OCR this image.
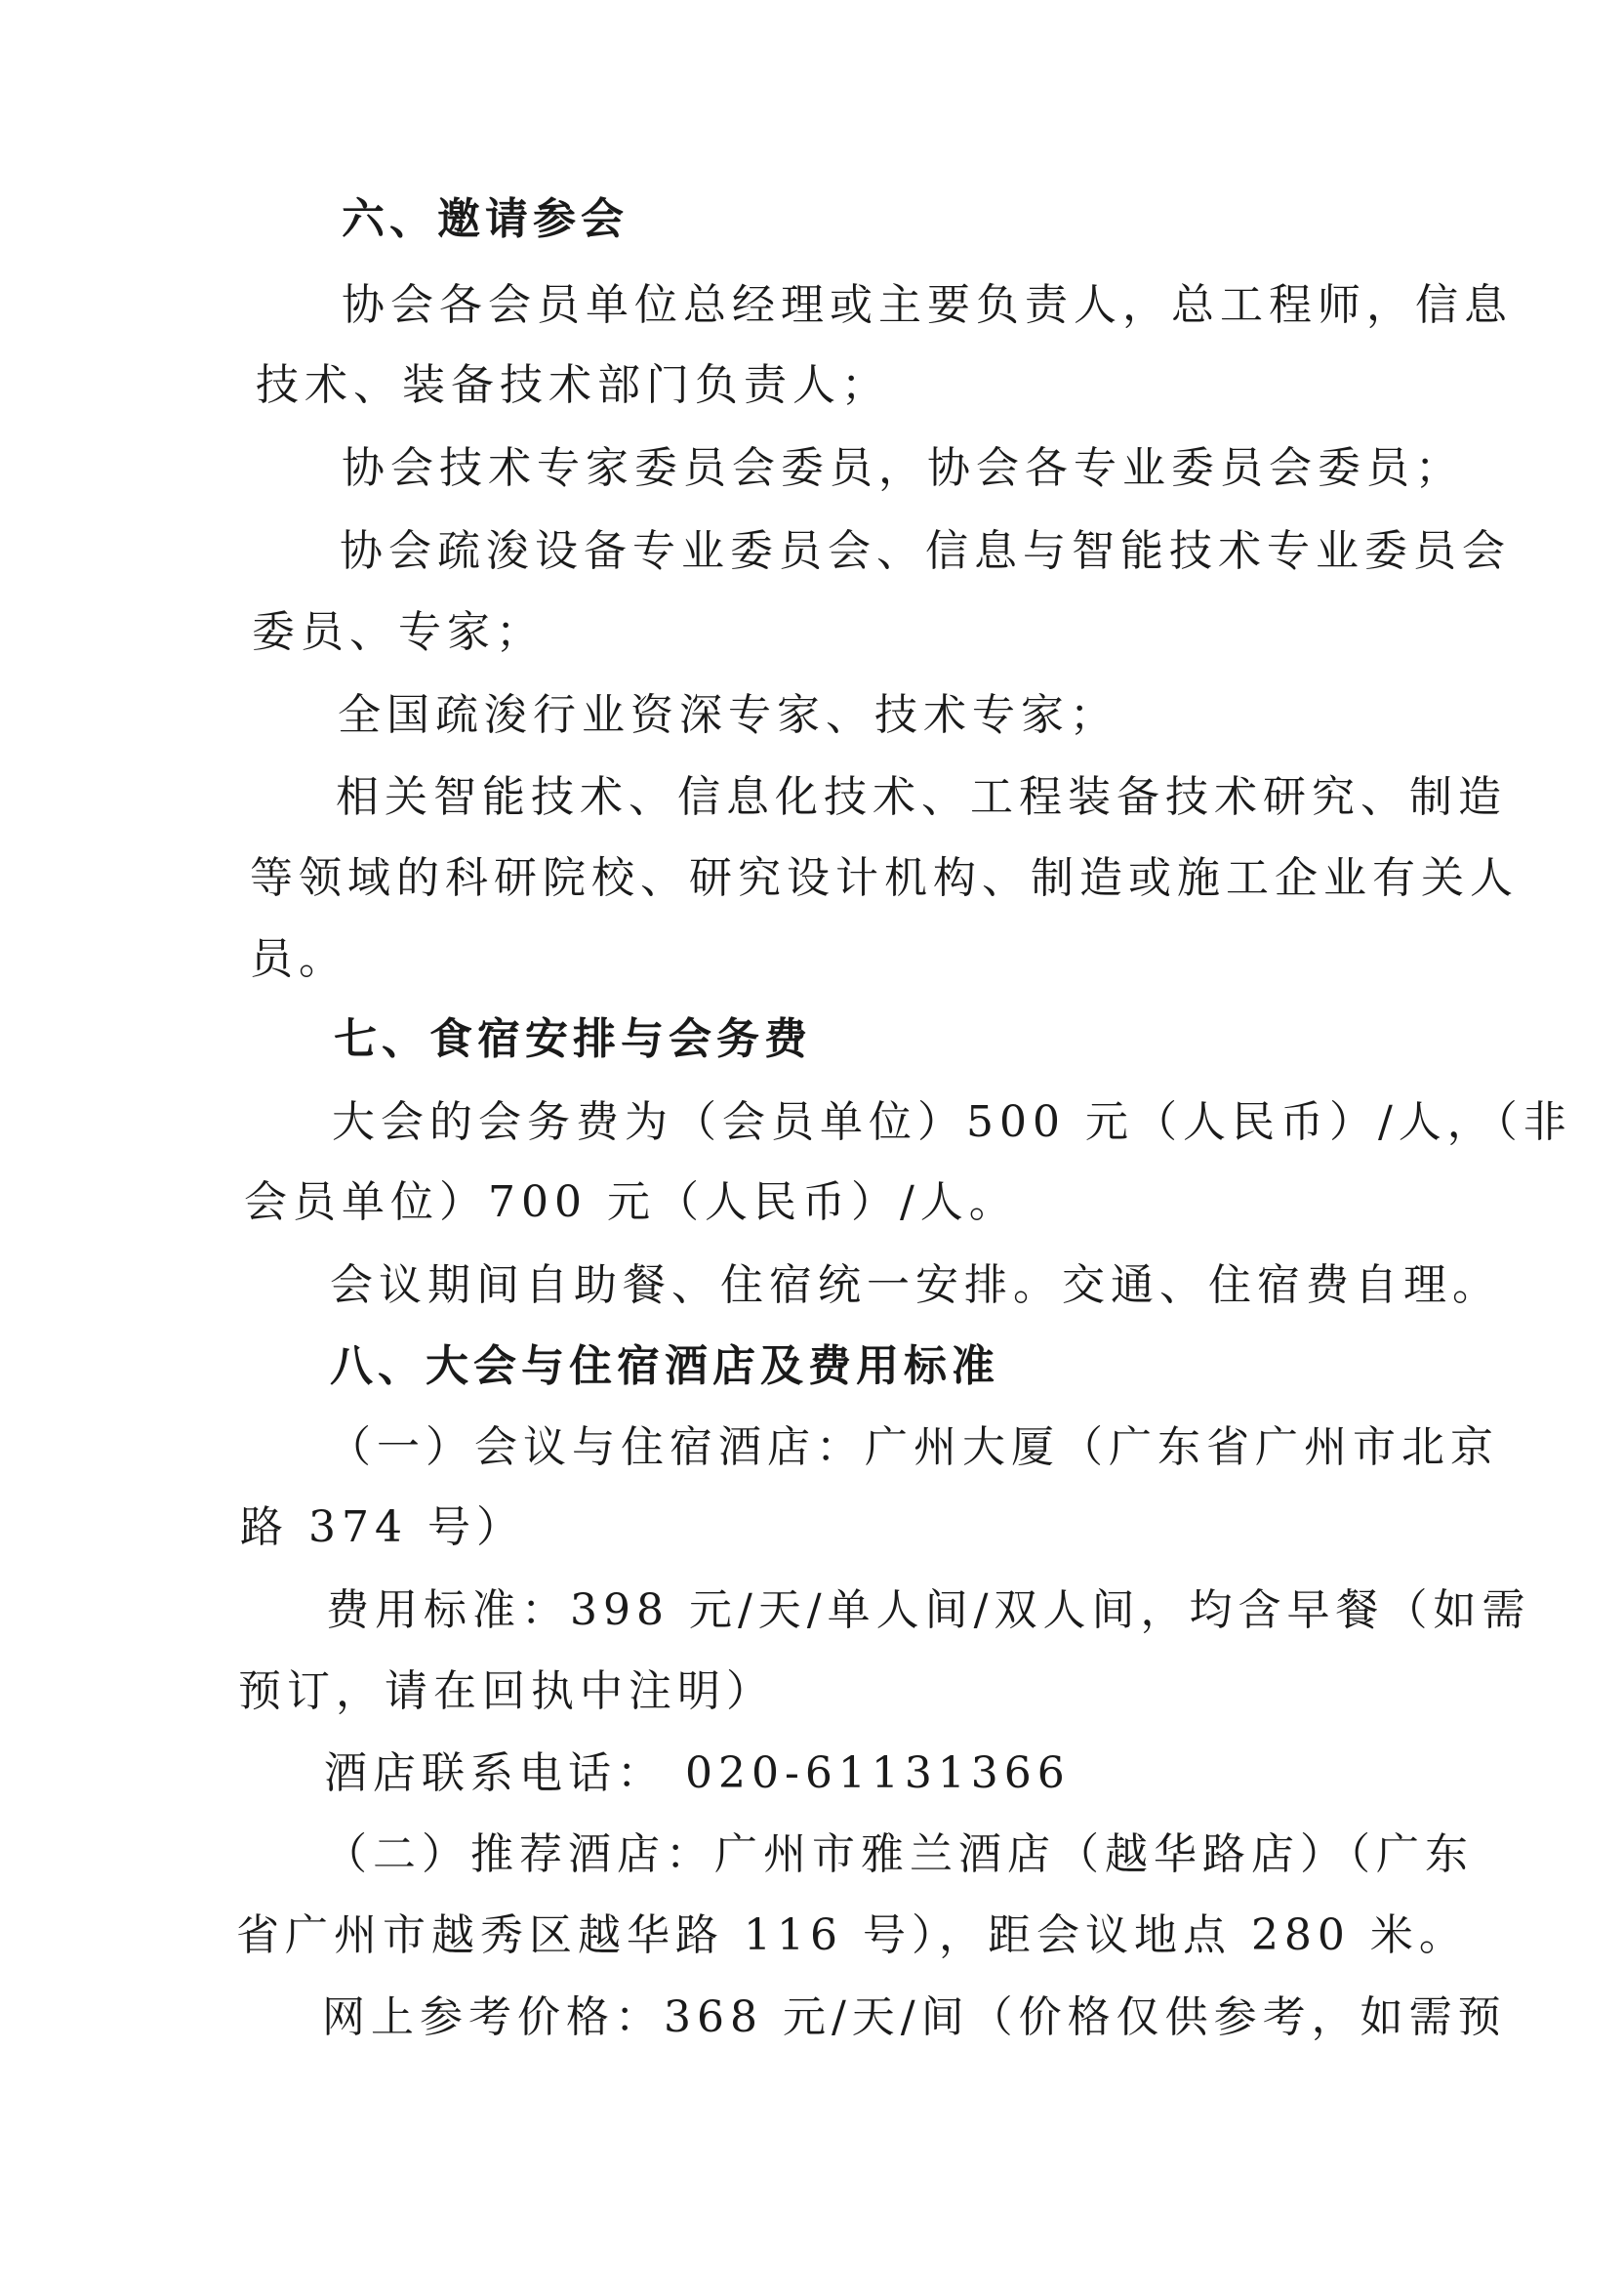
六、邀请参会
协会各会员单位总经理或主要负责人，总工程师，信息
技术、装备技术部门负责人；
协会技术专家委员会委员，协会各专业委员会委员；
协会疏浚设备专业委员会、信息与智能技术专业委员会
委员、专家；
全国疏浚行业资深专家、技术专家；
相关智能技术、信息化技术、工程装备技术研究、制造
等领域的科研院校、研究设计机构、制造或施工企业有关人
员。
七、食宿安排与会务费
大会的会务费为（会员单位）500 元（人民币）/人，（非
会员单位）700 元（人民币）/人。
会议期间自助餐、住宿统一安排。交通、住宿费自理。
八、大会与住宿酒店及费用标准
（一）会议与住宿酒店：广州大厦（广东省广州市北京
路 374 号）
费用标准：398 元/天/单人间/双人间，均含早餐（如需
预订，请在回执中注明）
酒店联系电话： 020-61131366
（二）推荐酒店：广州市雅兰酒店（越华路店）（广东
省广州市越秀区越华路 116 号），距会议地点 280 米。
网上参考价格：368 元/天/间（价格仅供参考，如需预
